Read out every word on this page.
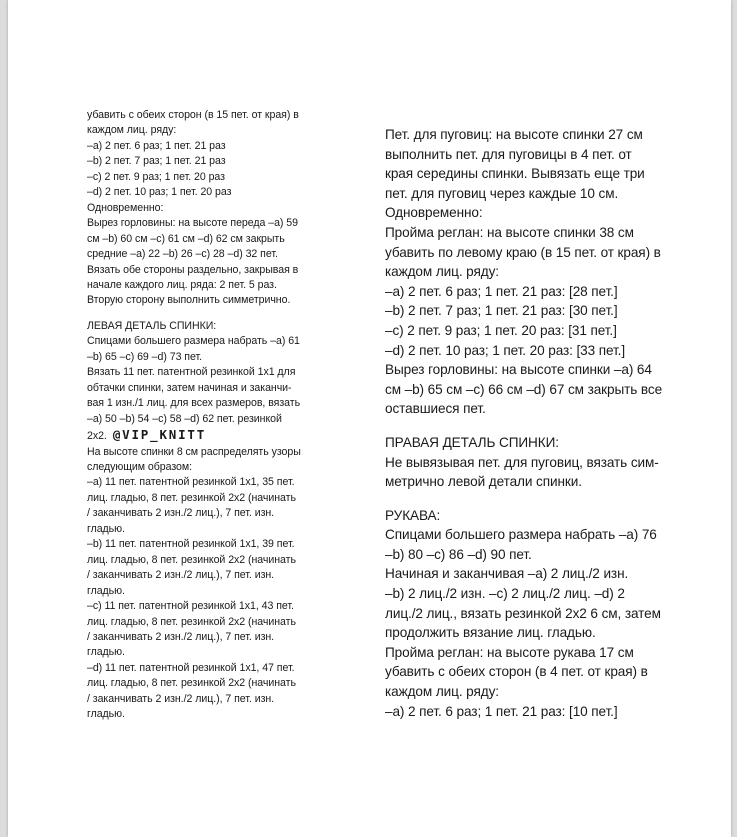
убавить с обеих сторон (в 15 пет. от края) в
каждом лиц. ряду:
–а) 2 пет. 6 раз; 1 пет. 21 раз
–b) 2 пет. 7 раз; 1 пет. 21 раз
–c) 2 пет. 9 раз; 1 пет. 20 раз
–d) 2 пет. 10 раз; 1 пет. 20 раз
Одновременно:
Вырез горловины: на высоте переда –а) 59
см –b) 60 см –c) 61 см –d) 62 см закрыть
средние –а) 22 –b) 26 –c) 28 –d) 32 пет.
Вязать обе стороны раздельно, закрывая в
начале каждого лиц. ряда: 2 пет. 5 раз.
Вторую сторону выполнить симметрично.
ЛЕВАЯ ДЕТАЛЬ СПИНКИ:
Спицами большего размера набрать –а) 61
–b) 65 –c) 69 –d) 73 пет.
Вязать 11 пет. патентной резинкой 1х1 для
обтачки спинки, затем начиная и заканчи-
вая 1 изн./1 лиц. для всех размеров, вязать
–а) 50 –b) 54 –c) 58 –d) 62 пет. резинкой
2х2. @VIP_KNITT
На высоте спинки 8 см распределять узоры
следующим образом:
–а) 11 пет. патентной резинкой 1х1, 35 пет.
лиц. гладью, 8 пет. резинкой 2х2 (начинать
/ заканчивать 2 изн./2 лиц.), 7 пет. изн.
гладью.
–b) 11 пет. патентной резинкой 1х1, 39 пет.
лиц. гладью, 8 пет. резинкой 2х2 (начинать
/ заканчивать 2 изн./2 лиц.), 7 пет. изн.
гладью.
–c) 11 пет. патентной резинкой 1х1, 43 пет.
лиц. гладью, 8 пет. резинкой 2х2 (начинать
/ заканчивать 2 изн./2 лиц.), 7 пет. изн.
гладью.
–d) 11 пет. патентной резинкой 1х1, 47 пет.
лиц. гладью, 8 пет. резинкой 2х2 (начинать
/ заканчивать 2 изн./2 лиц.), 7 пет. изн.
гладью.
Пет. для пуговиц: на высоте спинки 27 см
выполнить пет. для пуговицы в 4 пет. от
края середины спинки. Вывязать еще три
пет. для пуговиц через каждые 10 см.
Одновременно:
Пройма реглан: на высоте спинки 38 см
убавить по левому краю (в 15 пет. от края) в
каждом лиц. ряду:
–а) 2 пет. 6 раз; 1 пет. 21 раз: [28 пет.]
–b) 2 пет. 7 раз; 1 пет. 21 раз: [30 пет.]
–c) 2 пет. 9 раз; 1 пет. 20 раз: [31 пет.]
–d) 2 пет. 10 раз; 1 пет. 20 раз: [33 пет.]
Вырез горловины: на высоте спинки –а) 64
см –b) 65 см –c) 66 см –d) 67 см закрыть все
оставшиеся пет.
ПРАВАЯ ДЕТАЛЬ СПИНКИ:
Не вывязывая пет. для пуговиц, вязать сим-
метрично левой детали спинки.
РУКАВА:
Спицами большего размера набрать –а) 76
–b) 80 –c) 86 –d) 90 пет.
Начиная и заканчивая –а) 2 лиц./2 изн.
–b) 2 лиц./2 изн. –c) 2 лиц./2 лиц. –d) 2
лиц./2 лиц., вязать резинкой 2х2 6 см, затем
продолжить вязание лиц. гладью.
Пройма реглан: на высоте рукава 17 см
убавить с обеих сторон (в 4 пет. от края) в
каждом лиц. ряду:
–а) 2 пет. 6 раз; 1 пет. 21 раз: [10 пет.]
